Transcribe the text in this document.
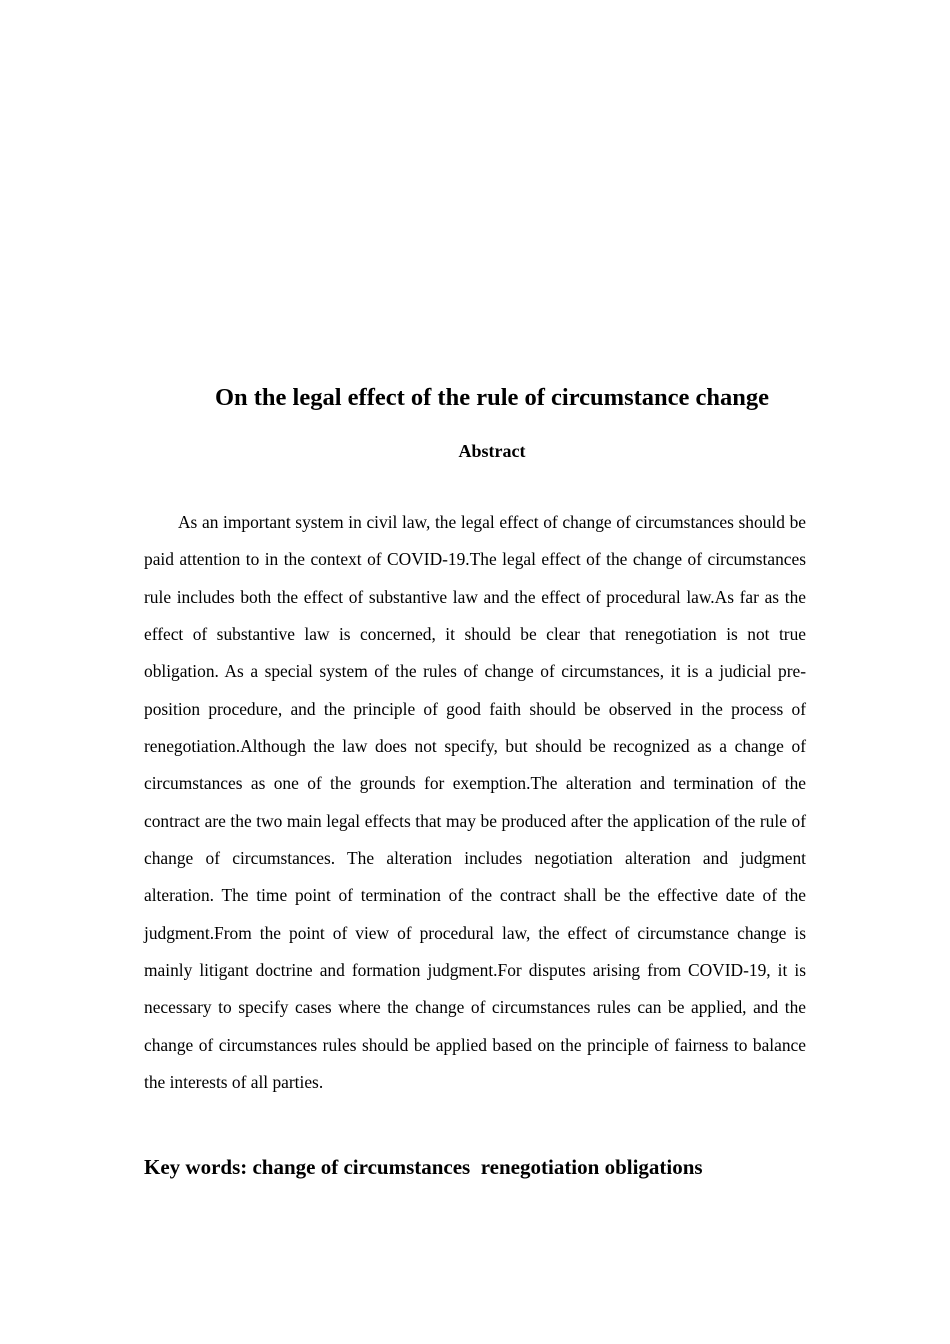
On the legal effect of the rule of circumstance change
Abstract

As an important system in civil law, the legal effect of change of circumstances should be paid attention to in the context of COVID-19.The legal effect of the change of circumstances rule includes both the effect of substantive law and the effect of procedural law.As far as the effect of substantive law is concerned, it should be clear that renegotiation is not true obligation. As a special system of the rules of change of circumstances, it is a judicial pre-position procedure, and the principle of good faith should be observed in the process of renegotiation.Although the law does not specify, but should be recognized as a change of circumstances as one of the grounds for exemption.The alteration and termination of the contract are the two main legal effects that may be produced after the application of the rule of change of circumstances. The alteration includes negotiation alteration and judgment alteration. The time point of termination of the contract shall be the effective date of the judgment.From the point of view of procedural law, the effect of circumstance change is mainly litigant doctrine and formation judgment.For disputes arising from COVID-19, it is necessary to specify cases where the change of circumstances rules can be applied, and the change of circumstances rules should be applied based on the principle of fairness to balance the interests of all parties.

Key words: change of circumstances  renegotiation obligations
